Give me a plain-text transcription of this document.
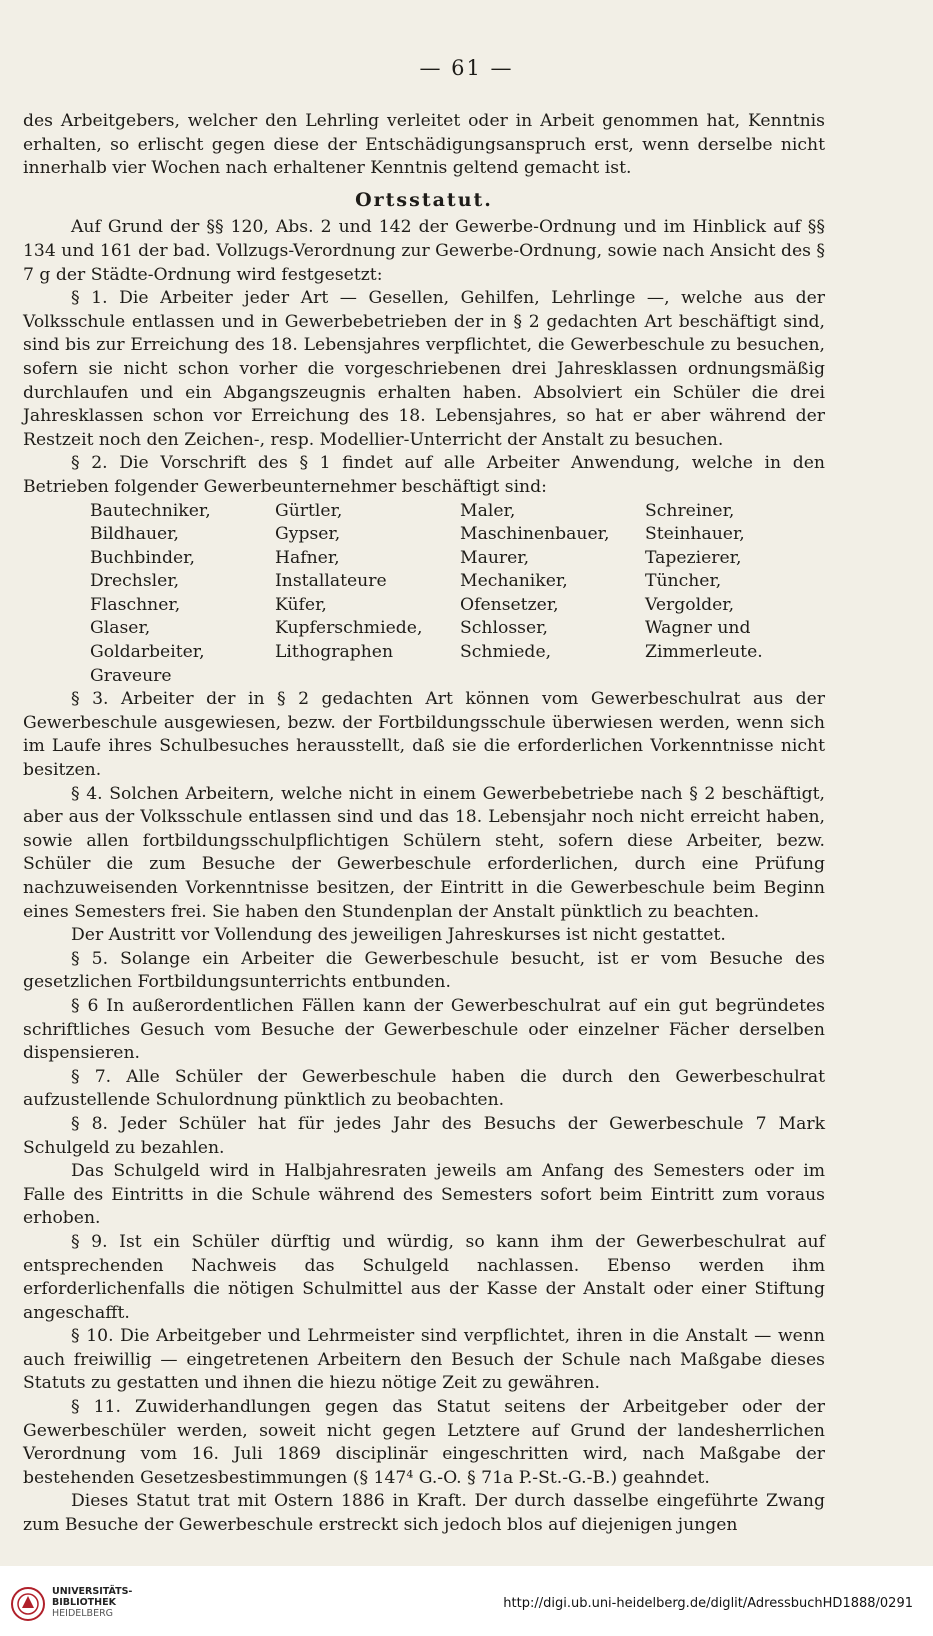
— 61 —

des Arbeitgebers, welcher den Lehrling verleitet oder in Arbeit genommen hat, Kenntnis erhalten, so erlischt gegen diese der Entschädigungsanspruch erst, wenn derselbe nicht innerhalb vier Wochen nach erhaltener Kenntnis geltend gemacht ist.

Ortsstatut.

Auf Grund der §§ 120, Abs. 2 und 142 der Gewerbe-Ordnung und im Hinblick auf §§ 134 und 161 der bad. Vollzugs-Verordnung zur Gewerbe-Ordnung, sowie nach Ansicht des § 7 g der Städte-Ordnung wird festgesetzt:

§ 1. Die Arbeiter jeder Art — Gesellen, Gehilfen, Lehrlinge —, welche aus der Volksschule entlassen und in Gewerbebetrieben der in § 2 gedachten Art beschäftigt sind, sind bis zur Erreichung des 18. Lebensjahres verpflichtet, die Gewerbeschule zu besuchen, sofern sie nicht schon vorher die vorgeschriebenen drei Jahresklassen ordnungsmäßig durchlaufen und ein Abgangszeugnis erhalten haben. Absolviert ein Schüler die drei Jahresklassen schon vor Erreichung des 18. Lebensjahres, so hat er aber während der Restzeit noch den Zeichen-, resp. Modellier-Unterricht der Anstalt zu besuchen.

§ 2. Die Vorschrift des § 1 findet auf alle Arbeiter Anwendung, welche in den Betrieben folgender Gewerbeunternehmer beschäftigt sind:

Bautechniker,	Gürtler,	Maler,	Schreiner,
Bildhauer,	Gypser,	Maschinenbauer,	Steinhauer,
Buchbinder,	Hafner,	Maurer,	Tapezierer,
Drechsler,	Installateure	Mechaniker,	Tüncher,
Flaschner,	Küfer,	Ofensetzer,	Vergolder,
Glaser,	Kupferschmiede,	Schlosser,	Wagner und
Goldarbeiter,	Lithographen	Schmiede,	Zimmerleute.
Graveure

§ 3. Arbeiter der in § 2 gedachten Art können vom Gewerbeschulrat aus der Gewerbeschule ausgewiesen, bezw. der Fortbildungsschule überwiesen werden, wenn sich im Laufe ihres Schulbesuches herausstellt, daß sie die erforderlichen Vorkenntnisse nicht besitzen.

§ 4. Solchen Arbeitern, welche nicht in einem Gewerbebetriebe nach § 2 beschäftigt, aber aus der Volksschule entlassen sind und das 18. Lebensjahr noch nicht erreicht haben, sowie allen fortbildungsschulpflichtigen Schülern steht, sofern diese Arbeiter, bezw. Schüler die zum Besuche der Gewerbeschule erforderlichen, durch eine Prüfung nachzuweisenden Vorkenntnisse besitzen, der Eintritt in die Gewerbeschule beim Beginn eines Semesters frei. Sie haben den Stundenplan der Anstalt pünktlich zu beachten.

Der Austritt vor Vollendung des jeweiligen Jahreskurses ist nicht gestattet.

§ 5. Solange ein Arbeiter die Gewerbeschule besucht, ist er vom Besuche des gesetzlichen Fortbildungsunterrichts entbunden.

§ 6 In außerordentlichen Fällen kann der Gewerbeschulrat auf ein gut begründetes schriftliches Gesuch vom Besuche der Gewerbeschule oder einzelner Fächer derselben dispensieren.

§ 7. Alle Schüler der Gewerbeschule haben die durch den Gewerbeschulrat aufzustellende Schulordnung pünktlich zu beobachten.

§ 8. Jeder Schüler hat für jedes Jahr des Besuchs der Gewerbeschule 7 Mark Schulgeld zu bezahlen.

Das Schulgeld wird in Halbjahresraten jeweils am Anfang des Semesters oder im Falle des Eintritts in die Schule während des Semesters sofort beim Eintritt zum voraus erhoben.

§ 9. Ist ein Schüler dürftig und würdig, so kann ihm der Gewerbeschulrat auf entsprechenden Nachweis das Schulgeld nachlassen. Ebenso werden ihm erforderlichenfalls die nötigen Schulmittel aus der Kasse der Anstalt oder einer Stiftung angeschafft.

§ 10. Die Arbeitgeber und Lehrmeister sind verpflichtet, ihren in die Anstalt — wenn auch freiwillig — eingetretenen Arbeitern den Besuch der Schule nach Maßgabe dieses Statuts zu gestatten und ihnen die hiezu nötige Zeit zu gewähren.

§ 11. Zuwiderhandlungen gegen das Statut seitens der Arbeitgeber oder der Gewerbeschüler werden, soweit nicht gegen Letztere auf Grund der landesherrlichen Verordnung vom 16. Juli 1869 disciplinär eingeschritten wird, nach Maßgabe der bestehenden Gesetzesbestimmungen (§ 147⁴ G.-O. § 71a P.-St.-G.-B.) geahndet.

Dieses Statut trat mit Ostern 1886 in Kraft. Der durch dasselbe eingeführte Zwang zum Besuche der Gewerbeschule erstreckt sich jedoch blos auf diejenigen jungen

UNIVERSITÄTS-
BIBLIOTHEK
HEIDELBERG
http://digi.ub.uni-heidelberg.de/diglit/AdressbuchHD1888/0291
